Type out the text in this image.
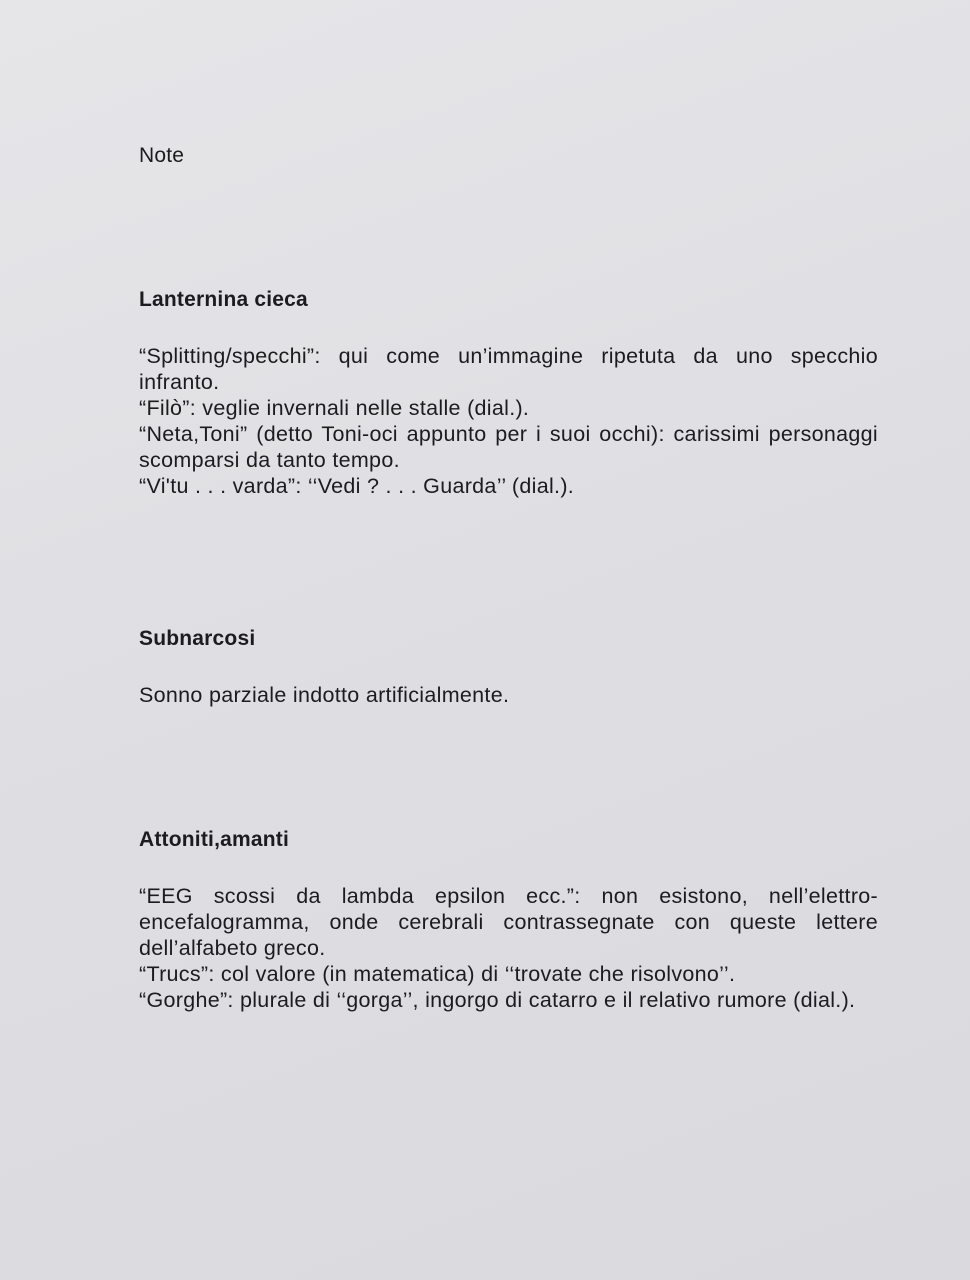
Note
Lanternina cieca

“Splitting/specchi”: qui come un’immagine ripetuta da uno specchio infranto.

“Filò”: veglie invernali nelle stalle (dial.).

“Neta,Toni” (detto Toni-oci appunto per i suoi occhi): carissimi personaggi scomparsi da tanto tempo.

“Vi'tu . . . varda”: ‘‘Vedi ? . . . Guarda’’ (dial.).

Subnarcosi

Sonno parziale indotto artificialmente.

Attoniti,amanti

“EEG scossi da lambda epsilon ecc.”: non esistono, nell’elettro-encefalogramma, onde cerebrali contrassegnate con queste lettere dell’alfabeto greco.

“Trucs”: col valore (in matematica) di ‘‘trovate che risolvono’’.

“Gorghe”: plurale di ‘‘gorga’’, ingorgo di catarro e il relativo rumore (dial.).
